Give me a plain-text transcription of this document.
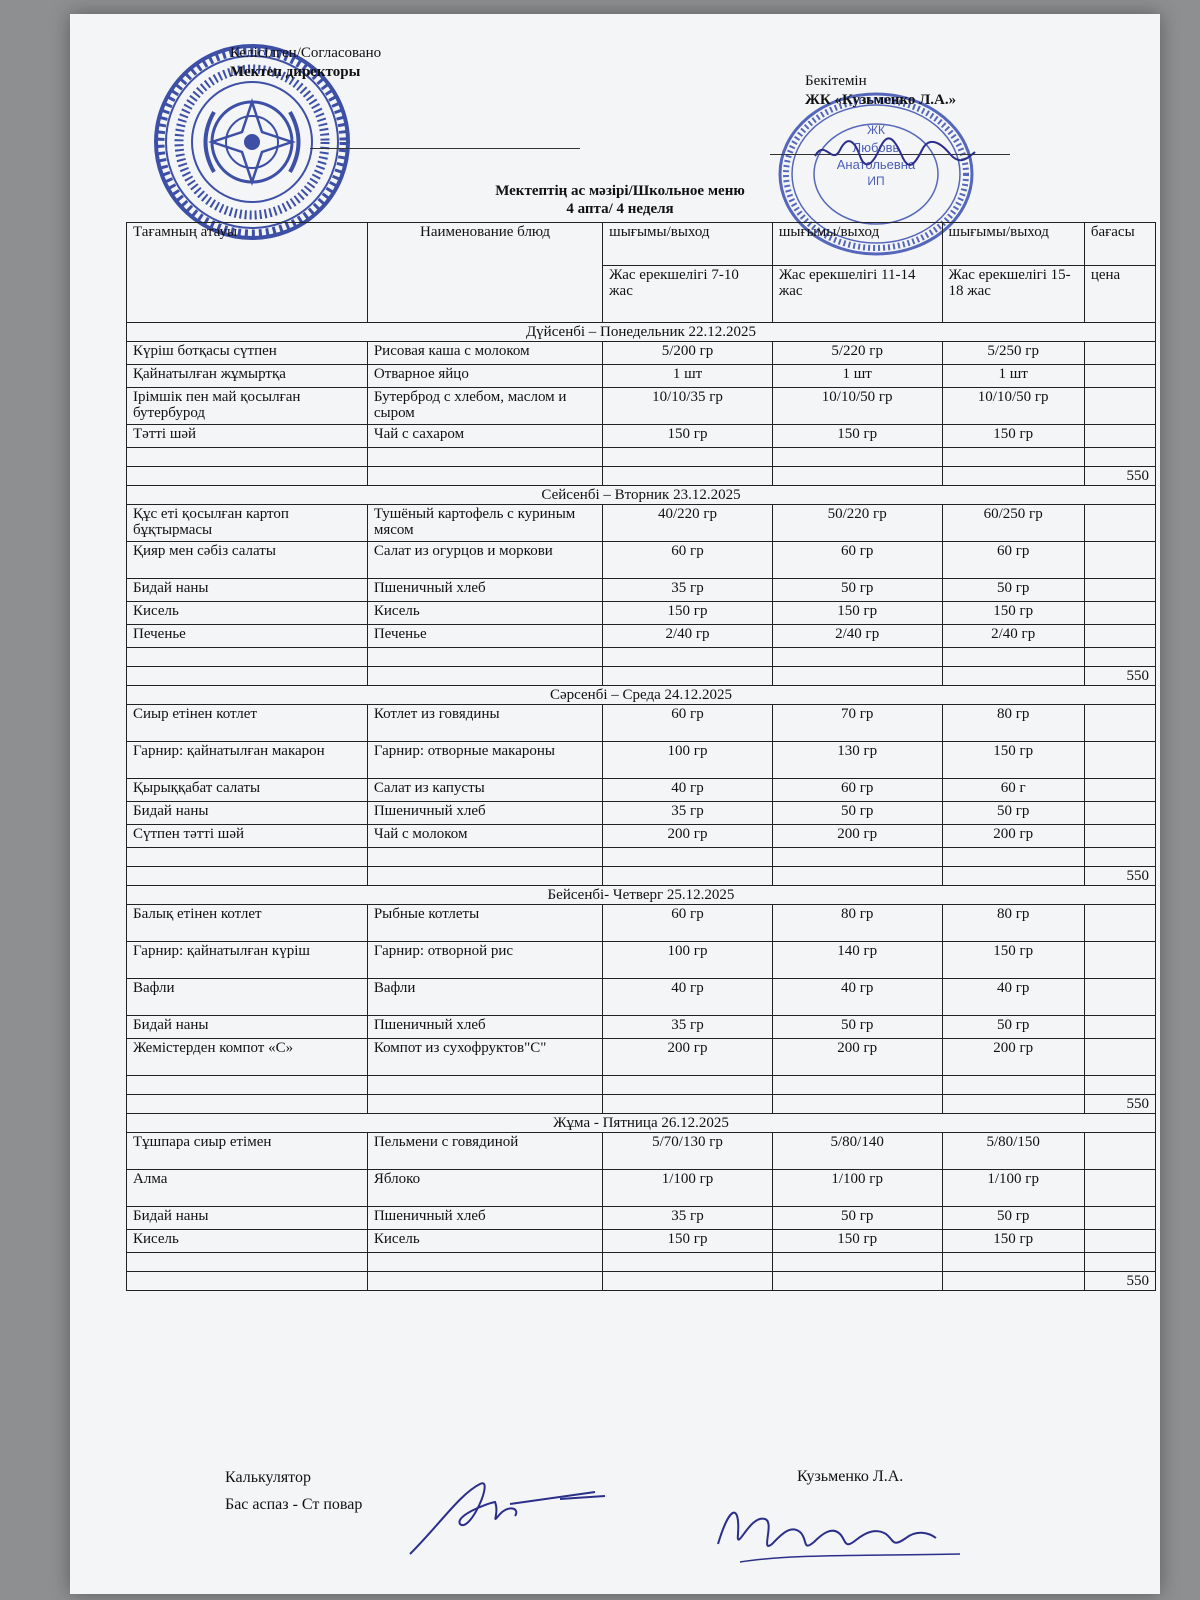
ЖК
Любовь
Анатольевна
ИП
Келісілген/Согласовано
Мектеп директоры
Бекітемін
ЖК «Кузьменко Л.А.»
Мектептің ас мәзірі/Школьное меню
4 апта/ 4 неделя
Тағамның атауы	Наименование блюд	шығымы/выход	шығымы/выход	шығымы/выход	бағасы
		Жас ерекшелігі 7-10 жас	Жас ерекшелігі 11-14 жас	Жас ерекшелігі 15-18 жас	цена
Дүйсенбі – Понедельник 22.12.2025					
Күріш ботқасы сүтпен	Рисовая каша с молоком	5/200 гр	5/220 гр	5/250 гр	
Қайнатылған жұмыртқа	Отварное яйцо	1 шт	1 шт	1 шт	
Ірімшік пен май қосылған бутербурод	Бутерброд с хлебом, маслом и сыром	10/10/35 гр	10/10/50 гр	10/10/50 гр	
Тәтті шәй	Чай с сахаром	150 гр	150 гр	150 гр	

					550
Сейсенбі – Вторник 23.12.2025					
Құс еті қосылған картоп бұқтырмасы	Тушёный картофель с куриным мясом	40/220 гр	50/220 гр	60/250 гр	
Қияр мен сәбіз салаты	Салат из огурцов и моркови	60 гр	60 гр	60 гр	
Бидай наны	Пшеничный хлеб	35 гр	50 гр	50 гр	
Кисель	Кисель	150 гр	150 гр	150 гр	
Печенье	Печенье	2/40 гр	2/40 гр	2/40 гр	

					550
Сәрсенбі – Среда 24.12.2025					
Сиыр етінен котлет	Котлет из говядины	60 гр	70 гр	80 гр	
Гарнир: қайнатылған макарон	Гарнир: отворные макароны	100 гр	130 гр	150 гр	
Қырыққабат салаты	Салат из капусты	40 гр	60 гр	60 г	
Бидай наны	Пшеничный хлеб	35 гр	50 гр	50 гр	
Сүтпен тәтті шәй	Чай с молоком	200 гр	200 гр	200 гр	

					550
Бейсенбі- Четверг 25.12.2025					
Балық етінен котлет	Рыбные котлеты	60 гр	80 гр	80 гр	
Гарнир: қайнатылған күріш	Гарнир: отворной рис	100 гр	140 гр	150 гр	
Вафли	Вафли	40 гр	40 гр	40 гр	
Бидай наны	Пшеничный хлеб	35 гр	50 гр	50 гр	
Жемістерден компот «С»	Компот из сухофруктов"С"	200 гр	200 гр	200 гр	

					550
Жұма - Пятница 26.12.2025					
Тұшпара сиыр етімен	Пельмени с говядиной	5/70/130 гр	5/80/140	5/80/150	
Алма	Яблоко	1/100 гр	1/100 гр	1/100 гр	
Бидай наны	Пшеничный хлеб	35 гр	50 гр	50 гр	
Кисель	Кисель	150 гр	150 гр	150 гр	

					550
Калькулятор
Бас аспаз - Ст повар
Кузьменко Л.А.
